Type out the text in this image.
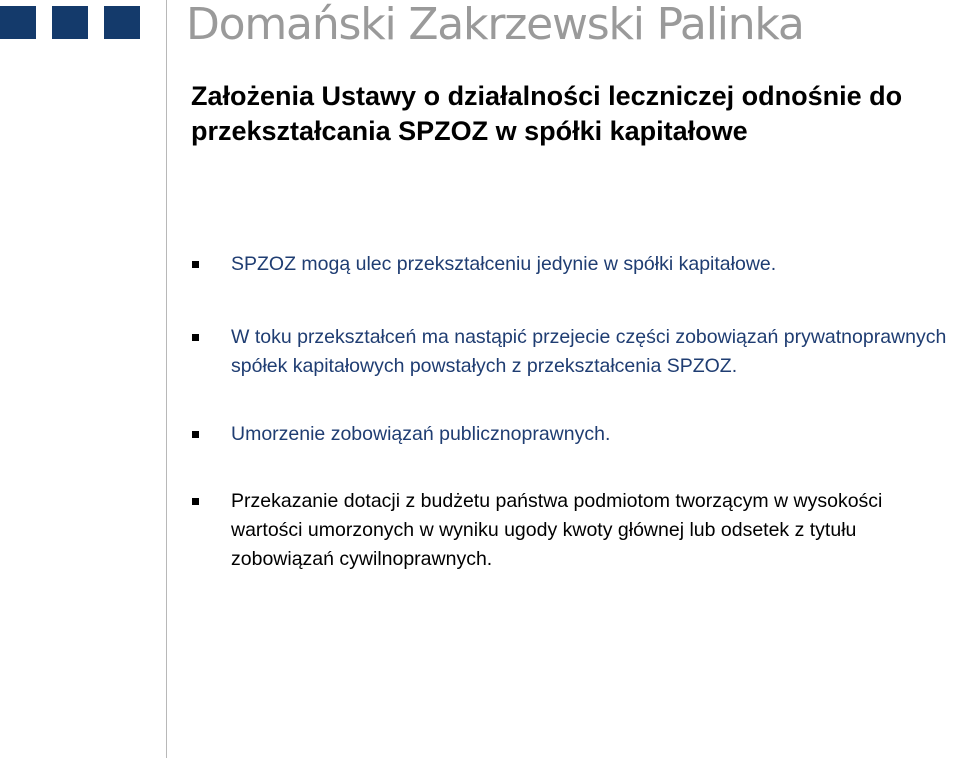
Domański Zakrzewski Palinka
Założenia Ustawy o działalności leczniczej odnośnie do przekształcania SPZOZ w spółki kapitałowe
SPZOZ mogą ulec przekształceniu jedynie w spółki kapitałowe.
W toku przekształceń ma nastąpić przejecie części zobowiązań prywatnoprawnych spółek kapitałowych powstałych z przekształcenia SPZOZ.
Umorzenie zobowiązań publicznoprawnych.
Przekazanie dotacji z budżetu państwa podmiotom tworzącym w wysokości wartości umorzonych w wyniku ugody kwoty głównej lub odsetek z tytułu zobowiązań cywilnoprawnych.
